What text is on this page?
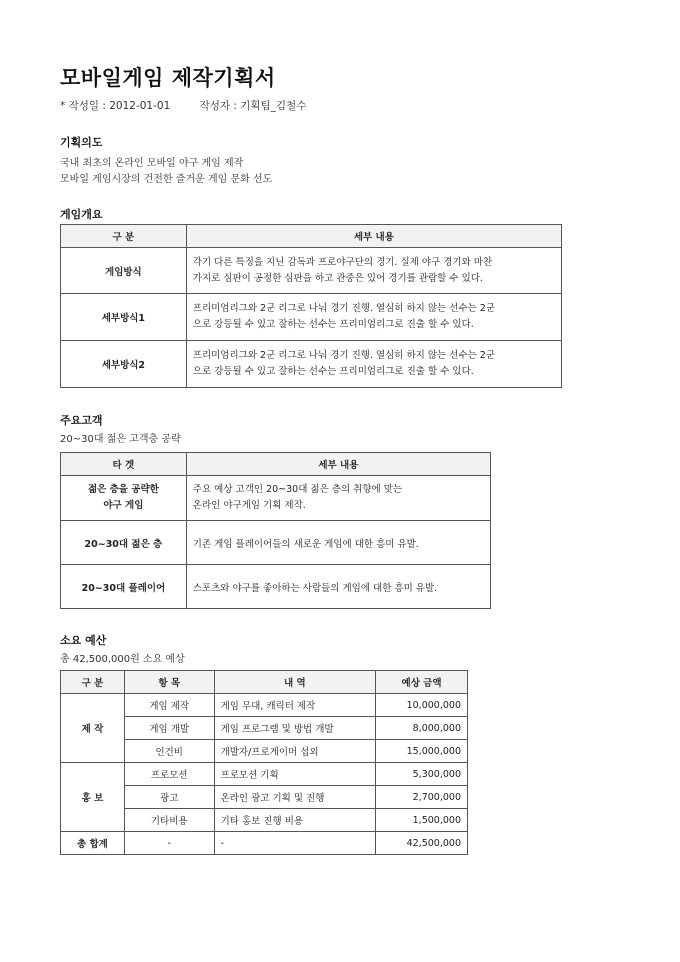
모바일게임 제작기획서
* 작성일 : 2012-01-01	작성자 : 기획팀_김철수
기획의도
국내 최초의 온라인 모바일 야구 게임 제작
모바일 게임시장의 건전한 즐거운 게임 문화 선도
게임개요
구 분	세부 내용
게임방식	각기 다른 특징을 지닌 감독과 프로야구단의 경기. 실제 야구 경기와 마찬
가지로 심판이 공정한 심판을 하고 관중은 있어 경기를 관람할 수 있다.

세부방식1	프리미엄리그와 2군 리그로 나눠 경기 진행. 열심히 하지 않는 선수는 2군
으로 강등될 수 있고 잘하는 선수는 프리미엄리그로 진출 할 수 있다.

세부방식2	프리미엄리그와 2군 리그로 나눠 경기 진행. 열심히 하지 않는 선수는 2군
으로 강등될 수 있고 잘하는 선수는 프리미엄리그로 진출 할 수 있다.
주요고객
20~30대 젊은 고객층 공략
타 겟	세부 내용

젊은 층을 공략한
야구 게임	주요 예상 고객인 20~30대 젊은 층의 취향에 맞는
온라인 야구게임 기획 제작.

20~30대 젊은 층	기존 게임 플레이어들의 새로운 게임에 대한 흥미 유발.

20~30대 플레이어	스포츠와 야구를 좋아하는 사람들의 게임에 대한 흥미 유발.
소요 예산
총 42,500,000원 소요 예상
구 분	항 목	내 역	예상 금액
제 작	게임 제작	게임 무대, 캐릭터 제작	10,000,000
	게임 개발	게임 프로그램 및 방법 개발	8,000,000
	인건비	개발자/프로게이머 섭외	15,000,000
홍 보	프로모션	프로모션 기획	5,300,000
	광고	온라인 광고 기획 및 진행	2,700,000
	기타비용	기타 홍보 진행 비용	1,500,000
총 합계	-	-	42,500,000
